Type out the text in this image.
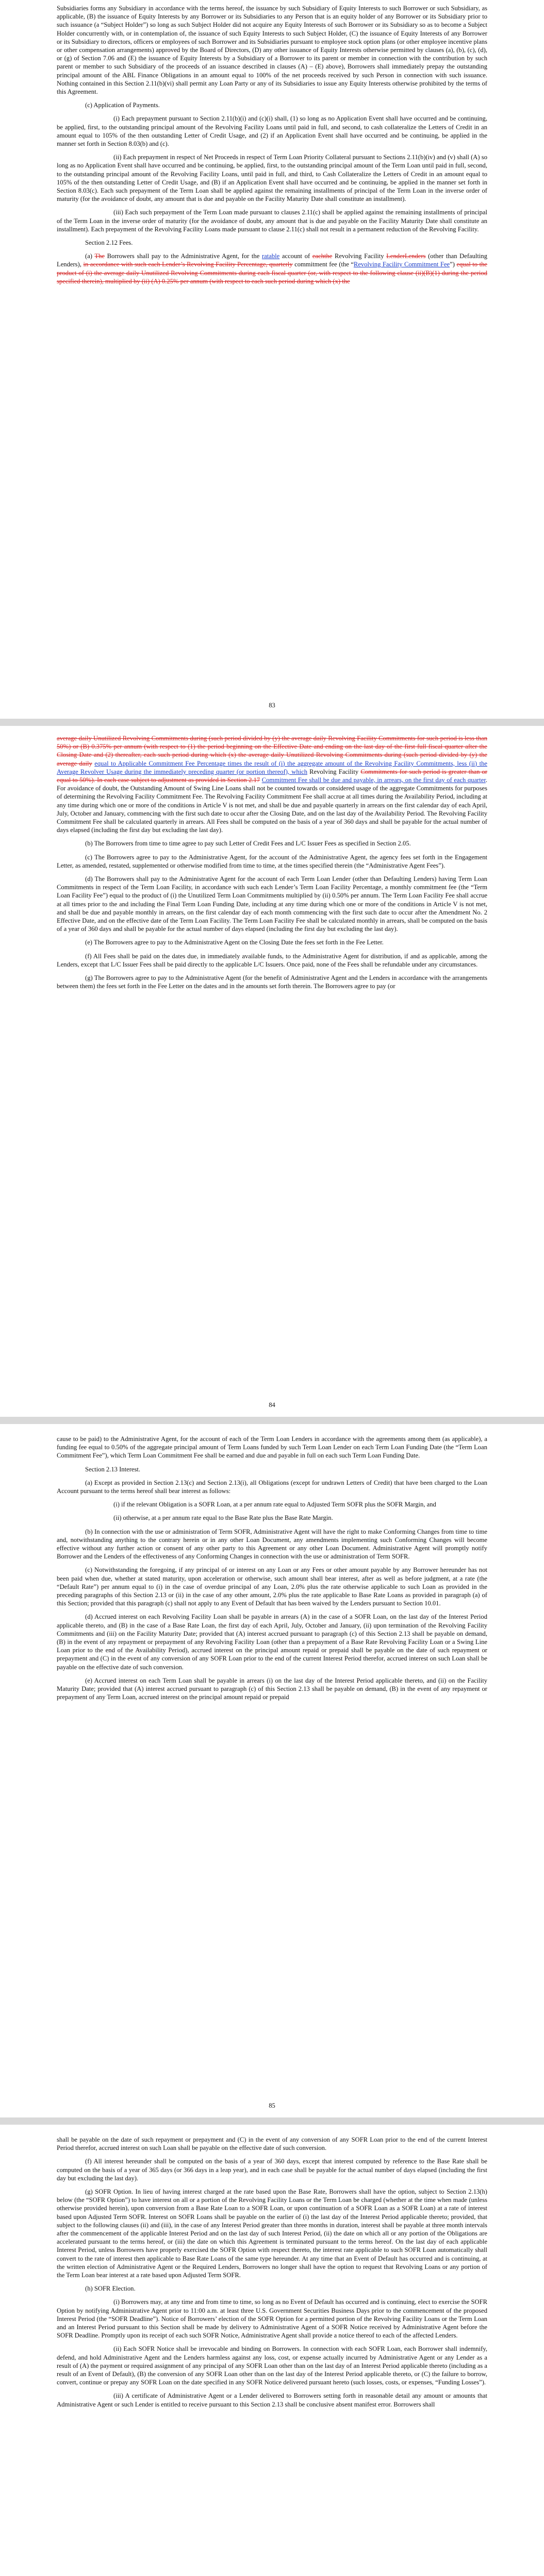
Subsidiaries forms any Subsidiary in accordance with the terms hereof, the issuance by such Subsidiary of Equity Interests to such Borrower or such Subsidiary, as applicable, (B) the issuance of Equity Interests by any Borrower or its Subsidiaries to any Person that is an equity holder of any Borrower or its Subsidiary prior to such issuance (a “Subject Holder”) so long as such Subject Holder did not acquire any Equity Interests of such Borrower or its Subsidiary so as to become a Subject Holder concurrently with, or in contemplation of, the issuance of such Equity Interests to such Subject Holder, (C) the issuance of Equity Interests of any Borrower or its Subsidiary to directors, officers or employees of such Borrower and its Subsidiaries pursuant to employee stock option plans (or other employee incentive plans or other compensation arrangements) approved by the Board of Directors, (D) any other issuance of Equity Interests otherwise permitted by clauses (a), (b), (c), (d), or (g) of Section 7.06 and (E) the issuance of Equity Interests by a Subsidiary of a Borrower to its parent or member in connection with the contribution by such parent or member to such Subsidiary of the proceeds of an issuance described in clauses (A) – (E) above), Borrowers shall immediately prepay the outstanding principal amount of the ABL Finance Obligations in an amount equal to 100% of the net proceeds received by such Person in connection with such issuance. Nothing contained in this Section 2.11(b)(vi) shall permit any Loan Party or any of its Subsidiaries to issue any Equity Interests otherwise prohibited by the terms of this Agreement.

(c) Application of Payments.

(i) Each prepayment pursuant to Section 2.11(b)(i) and (c)(i) shall, (1) so long as no Application Event shall have occurred and be continuing, be applied, first, to the outstanding principal amount of the Revolving Facility Loans until paid in full, and second, to cash collateralize the Letters of Credit in an amount equal to 105% of the then outstanding Letter of Credit Usage, and (2) if an Application Event shall have occurred and be continuing, be applied in the manner set forth in Section 8.03(b) and (c).

(ii) Each prepayment in respect of Net Proceeds in respect of Term Loan Priority Collateral pursuant to Sections 2.11(b)(iv) and (v) shall (A) so long as no Application Event shall have occurred and be continuing, be applied, first, to the outstanding principal amount of the Term Loan until paid in full, second, to the outstanding principal amount of the Revolving Facility Loans, until paid in full, and third, to Cash Collateralize the Letters of Credit in an amount equal to 105% of the then outstanding Letter of Credit Usage, and (B) if an Application Event shall have occurred and be continuing, be applied in the manner set forth in Section 8.03(c). Each such prepayment of the Term Loan shall be applied against the remaining installments of principal of the Term Loan in the inverse order of maturity (for the avoidance of doubt, any amount that is due and payable on the Facility Maturity Date shall constitute an installment).

(iii) Each such prepayment of the Term Loan made pursuant to clauses 2.11(c) shall be applied against the remaining installments of principal of the Term Loan in the inverse order of maturity (for the avoidance of doubt, any amount that is due and payable on the Facility Maturity Date shall constitute an installment). Each prepayment of the Revolving Facility Loans made pursuant to clause 2.11(c) shall not result in a permanent reduction of the Revolving Facility.

Section 2.12 Fees.

(a) The Borrowers shall pay to the Administrative Agent, for the ratable account of eachthe Revolving Facility LenderLenders (other than Defaulting Lenders), in accordance with such each Lender’s Revolving Facility Percentage, quarterly commitment fee (the “Revolving Facility Commitment Fee”) equal to the product of (i) the average daily Unutilized Revolving Commitments during each fiscal quarter (or, with respect to the following clause (ii)(B)(1) during the period specified therein), multiplied by (ii) (A) 0.25% per annum (with respect to each such period during which (x) the

83

average daily Unutilized Revolving Commitments during (such period divided by (y) the average daily Revolving Facility Commitments for such period is less than 50%) or (B) 0.375% per annum (with respect to (1) the period beginning on the Effective Date and ending on the last day of the first full fiscal quarter after the Closing Date and (2) thereafter, each such period during which (x) the average daily Unutilized Revolving Commitments during (such period divided by (y) the average daily equal to Applicable Commitment Fee Percentage times the result of (i) the aggregate amount of the Revolving Facility Commitments, less (ii) the Average Revolver Usage during the immediately preceding quarter (or portion thereof), which Revolving Facility Commitments for such period is greater than or equal to 50%). In each case subject to adjustment as provided in Section 2.17 Commitment Fee shall be due and payable, in arrears, on the first day of each quarter. For avoidance of doubt, the Outstanding Amount of Swing Line Loans shall not be counted towards or considered usage of the aggregate Commitments for purposes of determining the Revolving Facility Commitment Fee. The Revolving Facility Commitment Fee shall accrue at all times during the Availability Period, including at any time during which one or more of the conditions in Article V is not met, and shall be due and payable quarterly in arrears on the first calendar day of each April, July, October and January, commencing with the first such date to occur after the Closing Date, and on the last day of the Availability Period. The Revolving Facility Commitment Fee shall be calculated quarterly in arrears. All Fees shall be computed on the basis of a year of 360 days and shall be payable for the actual number of days elapsed (including the first day but excluding the last day).

(b) The Borrowers from time to time agree to pay such Letter of Credit Fees and L/C Issuer Fees as specified in Section 2.05.

(c) The Borrowers agree to pay to the Administrative Agent, for the account of the Administrative Agent, the agency fees set forth in the Engagement Letter, as amended, restated, supplemented or otherwise modified from time to time, at the times specified therein (the “Administrative Agent Fees”).

(d) The Borrowers shall pay to the Administrative Agent for the account of each Term Loan Lender (other than Defaulting Lenders) having Term Loan Commitments in respect of the Term Loan Facility, in accordance with such each Lender’s Term Loan Facility Percentage, a monthly commitment fee (the “Term Loan Facility Fee”) equal to the product of (i) the Unutilized Term Loan Commitments multiplied by (ii) 0.50% per annum. The Term Loan Facility Fee shall accrue at all times prior to the and including the Final Term Loan Funding Date, including at any time during which one or more of the conditions in Article V is not met, and shall be due and payable monthly in arrears, on the first calendar day of each month commencing with the first such date to occur after the Amendment No. 2 Effective Date, and on the effective date of the Term Loan Facility. The Term Loan Facility Fee shall be calculated monthly in arrears, shall be computed on the basis of a year of 360 days and shall be payable for the actual number of days elapsed (including the first day but excluding the last day).

(e) The Borrowers agree to pay to the Administrative Agent on the Closing Date the fees set forth in the Fee Letter.

(f) All Fees shall be paid on the dates due, in immediately available funds, to the Administrative Agent for distribution, if and as applicable, among the Lenders, except that L/C Issuer Fees shall be paid directly to the applicable L/C Issuers. Once paid, none of the Fees shall be refundable under any circumstances.

(g) The Borrowers agree to pay to the Administrative Agent (for the benefit of Administrative Agent and the Lenders in accordance with the arrangements between them) the fees set forth in the Fee Letter on the dates and in the amounts set forth therein. The Borrowers agree to pay (or

84

cause to be paid) to the Administrative Agent, for the account of each of the Term Loan Lenders in accordance with the agreements among them (as applicable), a funding fee equal to 0.50% of the aggregate principal amount of Term Loans funded by such Term Loan Lender on each Term Loan Funding Date (the “Term Loan Commitment Fee”), which Term Loan Commitment Fee shall be earned and due and payable in full on each such Term Loan Funding Date.

Section 2.13 Interest.

(a) Except as provided in Section 2.13(c) and Section 2.13(i), all Obligations (except for undrawn Letters of Credit) that have been charged to the Loan Account pursuant to the terms hereof shall bear interest as follows:

(i) if the relevant Obligation is a SOFR Loan, at a per annum rate equal to Adjusted Term SOFR plus the SOFR Margin, and

(ii) otherwise, at a per annum rate equal to the Base Rate plus the Base Rate Margin.

(b) In connection with the use or administration of Term SOFR, Administrative Agent will have the right to make Conforming Changes from time to time and, notwithstanding anything to the contrary herein or in any other Loan Document, any amendments implementing such Conforming Changes will become effective without any further action or consent of any other party to this Agreement or any other Loan Document. Administrative Agent will promptly notify Borrower and the Lenders of the effectiveness of any Conforming Changes in connection with the use or administration of Term SOFR.

(c) Notwithstanding the foregoing, if any principal of or interest on any Loan or any Fees or other amount payable by any Borrower hereunder has not been paid when due, whether at stated maturity, upon acceleration or otherwise, such amount shall bear interest, after as well as before judgment, at a rate (the “Default Rate”) per annum equal to (i) in the case of overdue principal of any Loan, 2.0% plus the rate otherwise applicable to such Loan as provided in the preceding paragraphs of this Section 2.13 or (ii) in the case of any other amount, 2.0% plus the rate applicable to Base Rate Loans as provided in paragraph (a) of this Section; provided that this paragraph (c) shall not apply to any Event of Default that has been waived by the Lenders pursuant to Section 10.01.

(d) Accrued interest on each Revolving Facility Loan shall be payable in arrears (A) in the case of a SOFR Loan, on the last day of the Interest Period applicable thereto, and (B) in the case of a Base Rate Loan, the first day of each April, July, October and January, (ii) upon termination of the Revolving Facility Commitments and (iii) on the Facility Maturity Date; provided that (A) interest accrued pursuant to paragraph (c) of this Section 2.13 shall be payable on demand, (B) in the event of any repayment or prepayment of any Revolving Facility Loan (other than a prepayment of a Base Rate Revolving Facility Loan or a Swing Line Loan prior to the end of the Availability Period), accrued interest on the principal amount repaid or prepaid shall be payable on the date of such repayment or prepayment and (C) in the event of any conversion of any SOFR Loan prior to the end of the current Interest Period therefor, accrued interest on such Loan shall be payable on the effective date of such conversion.

(e) Accrued interest on each Term Loan shall be payable in arrears (i) on the last day of the Interest Period applicable thereto, and (ii) on the Facility Maturity Date; provided that (A) interest accrued pursuant to paragraph (c) of this Section 2.13 shall be payable on demand, (B) in the event of any repayment or prepayment of any Term Loan, accrued interest on the principal amount repaid or prepaid

85

shall be payable on the date of such repayment or prepayment and (C) in the event of any conversion of any SOFR Loan prior to the end of the current Interest Period therefor, accrued interest on such Loan shall be payable on the effective date of such conversion.

(f) All interest hereunder shall be computed on the basis of a year of 360 days, except that interest computed by reference to the Base Rate shall be computed on the basis of a year of 365 days (or 366 days in a leap year), and in each case shall be payable for the actual number of days elapsed (including the first day but excluding the last day).

(g) SOFR Option. In lieu of having interest charged at the rate based upon the Base Rate, Borrowers shall have the option, subject to Section 2.13(h) below (the “SOFR Option”) to have interest on all or a portion of the Revolving Facility Loans or the Term Loan be charged (whether at the time when made (unless otherwise provided herein), upon conversion from a Base Rate Loan to a SOFR Loan, or upon continuation of a SOFR Loan as a SOFR Loan) at a rate of interest based upon Adjusted Term SOFR. Interest on SOFR Loans shall be payable on the earlier of (i) the last day of the Interest Period applicable thereto; provided, that subject to the following clauses (ii) and (iii), in the case of any Interest Period greater than three months in duration, interest shall be payable at three month intervals after the commencement of the applicable Interest Period and on the last day of such Interest Period, (ii) the date on which all or any portion of the Obligations are accelerated pursuant to the terms hereof, or (iii) the date on which this Agreement is terminated pursuant to the terms hereof. On the last day of each applicable Interest Period, unless Borrowers have properly exercised the SOFR Option with respect thereto, the interest rate applicable to such SOFR Loan automatically shall convert to the rate of interest then applicable to Base Rate Loans of the same type hereunder. At any time that an Event of Default has occurred and is continuing, at the written election of Administrative Agent or the Required Lenders, Borrowers no longer shall have the option to request that Revolving Loans or any portion of the Term Loan bear interest at a rate based upon Adjusted Term SOFR.

(h) SOFR Election.

(i) Borrowers may, at any time and from time to time, so long as no Event of Default has occurred and is continuing, elect to exercise the SOFR Option by notifying Administrative Agent prior to 11:00 a.m. at least three U.S. Government Securities Business Days prior to the commencement of the proposed Interest Period (the “SOFR Deadline”). Notice of Borrowers’ election of the SOFR Option for a permitted portion of the Revolving Facility Loans or the Term Loan and an Interest Period pursuant to this Section shall be made by delivery to Administrative Agent of a SOFR Notice received by Administrative Agent before the SOFR Deadline. Promptly upon its receipt of each such SOFR Notice, Administrative Agent shall provide a notice thereof to each of the affected Lenders.

(ii) Each SOFR Notice shall be irrevocable and binding on Borrowers. In connection with each SOFR Loan, each Borrower shall indemnify, defend, and hold Administrative Agent and the Lenders harmless against any loss, cost, or expense actually incurred by Administrative Agent or any Lender as a result of (A) the payment or required assignment of any principal of any SOFR Loan other than on the last day of an Interest Period applicable thereto (including as a result of an Event of Default), (B) the conversion of any SOFR Loan other than on the last day of the Interest Period applicable thereto, or (C) the failure to borrow, convert, continue or prepay any SOFR Loan on the date specified in any SOFR Notice delivered pursuant hereto (such losses, costs, or expenses, “Funding Losses”).

(iii) A certificate of Administrative Agent or a Lender delivered to Borrowers setting forth in reasonable detail any amount or amounts that Administrative Agent or such Lender is entitled to receive pursuant to this Section 2.13 shall be conclusive absent manifest error. Borrowers shall
